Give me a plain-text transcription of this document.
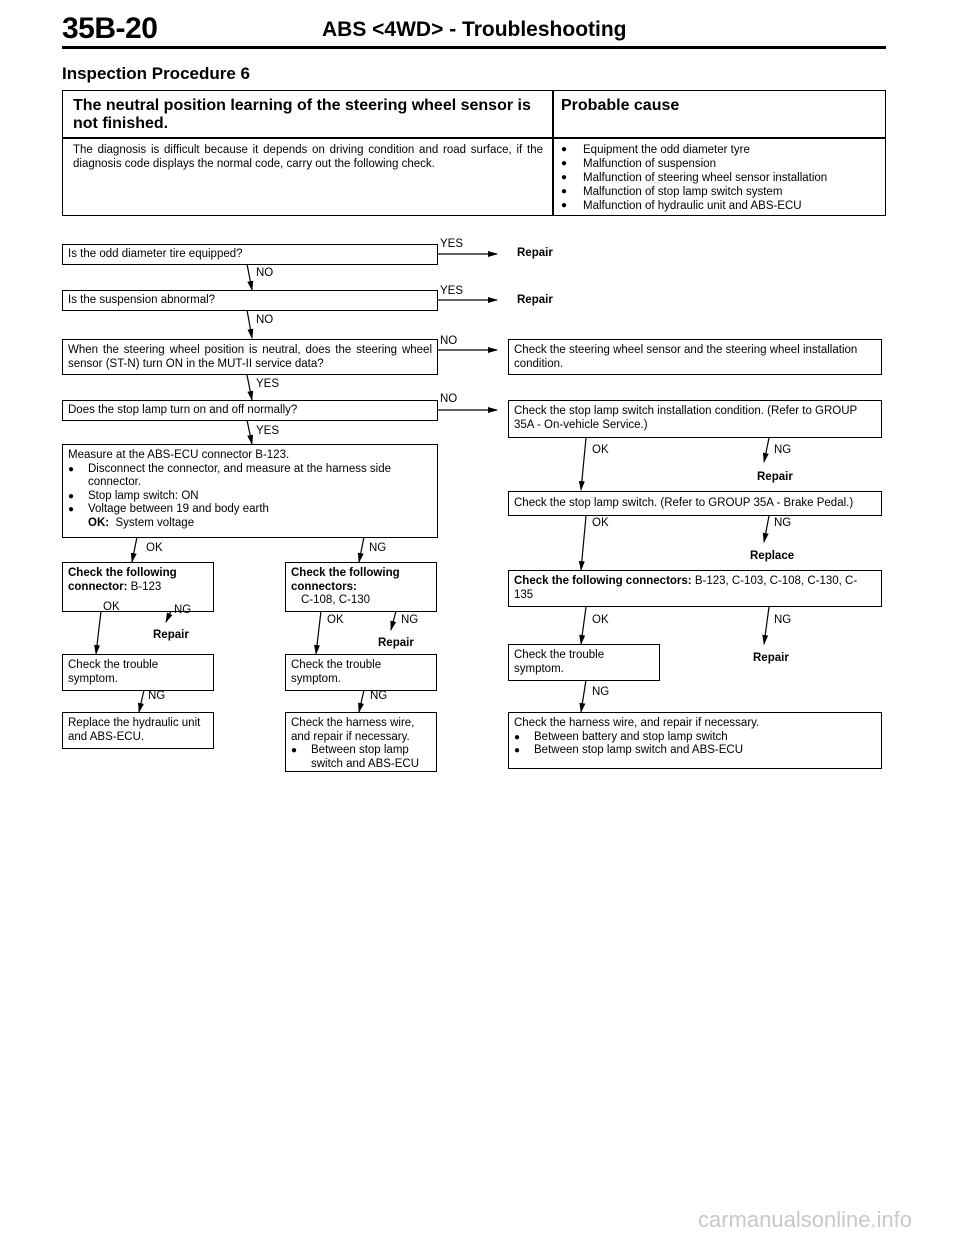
35B-20	ABS <4WD> - Troubleshooting
Inspection Procedure 6
The neutral position learning of the steering wheel sensor is not finished.
Probable cause
The diagnosis is difficult because it depends on driving condition and road surface, if the diagnosis code displays the normal code, carry out the following check.
● Equipment the odd diameter tyre
● Malfunction of suspension
● Malfunction of steering wheel sensor installation
● Malfunction of stop lamp switch system
● Malfunction of hydraulic unit and ABS-ECU
Is the odd diameter tire equipped?
Is the suspension abnormal?
When the steering wheel position is neutral, does the steering wheel sensor (ST-N) turn ON in the MUT-II service data?
Does the stop lamp turn on and off normally?
Measure at the ABS-ECU connector B-123.
● Disconnect the connector, and measure at the harness side connector.
● Stop lamp switch: ON
● Voltage between 19 and body earth
OK: System voltage
Check the following connector: B-123
Check the following connectors:
C-108, C-130
Check the trouble symptom.
Check the trouble symptom.
Replace the hydraulic unit and ABS-ECU.
Check the harness wire, and repair if necessary.
● Between stop lamp switch and ABS-ECU
Check the steering wheel sensor and the steering wheel installation condition.
Check the stop lamp switch installation condition. (Refer to GROUP 35A - On-vehicle Service.)
Check the stop lamp switch. (Refer to GROUP 35A - Brake Pedal.)
Check the following connectors: B-123, C-103, C-108, C-130, C-135
Check the trouble symptom.
Check the harness wire, and repair if necessary.
● Between battery and stop lamp switch
● Between stop lamp switch and ABS-ECU
YES
Repair
NO
YES
Repair
NO
NO
YES
NO
YES
OK	NG
OK	NG
Repair
OK	NG
Repair
NG	NG
OK	NG
Repair
OK	NG
Replace
OK	NG
Repair
NG
carmanualsonline.info
